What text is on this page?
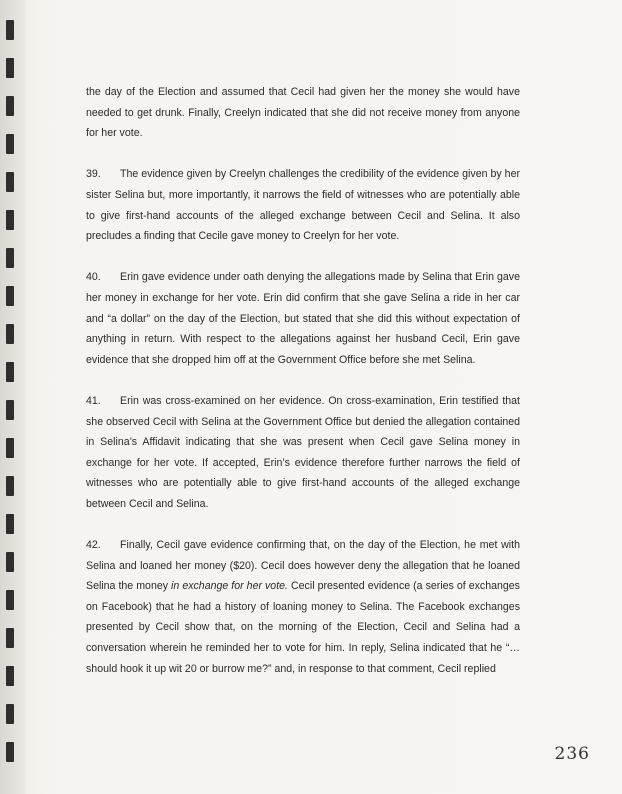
the day of the Election and assumed that Cecil had given her the money she would have needed to get drunk. Finally, Creelyn indicated that she did not receive money from anyone for her vote.

39. The evidence given by Creelyn challenges the credibility of the evidence given by her sister Selina but, more importantly, it narrows the field of witnesses who are potentially able to give first-hand accounts of the alleged exchange between Cecil and Selina. It also precludes a finding that Cecile gave money to Creelyn for her vote.

40. Erin gave evidence under oath denying the allegations made by Selina that Erin gave her money in exchange for her vote. Erin did confirm that she gave Selina a ride in her car and “a dollar” on the day of the Election, but stated that she did this without expectation of anything in return. With respect to the allegations against her husband Cecil, Erin gave evidence that she dropped him off at the Government Office before she met Selina.

41. Erin was cross-examined on her evidence. On cross-examination, Erin testified that she observed Cecil with Selina at the Government Office but denied the allegation contained in Selina’s Affidavit indicating that she was present when Cecil gave Selina money in exchange for her vote. If accepted, Erin’s evidence therefore further narrows the field of witnesses who are potentially able to give first-hand accounts of the alleged exchange between Cecil and Selina.

42. Finally, Cecil gave evidence confirming that, on the day of the Election, he met with Selina and loaned her money ($20). Cecil does however deny the allegation that he loaned Selina the money in exchange for her vote. Cecil presented evidence (a series of exchanges on Facebook) that he had a history of loaning money to Selina. The Facebook exchanges presented by Cecil show that, on the morning of the Election, Cecil and Selina had a conversation wherein he reminded her to vote for him. In reply, Selina indicated that he “…should hook it up wit 20 or burrow me?” and, in response to that comment, Cecil replied

236
